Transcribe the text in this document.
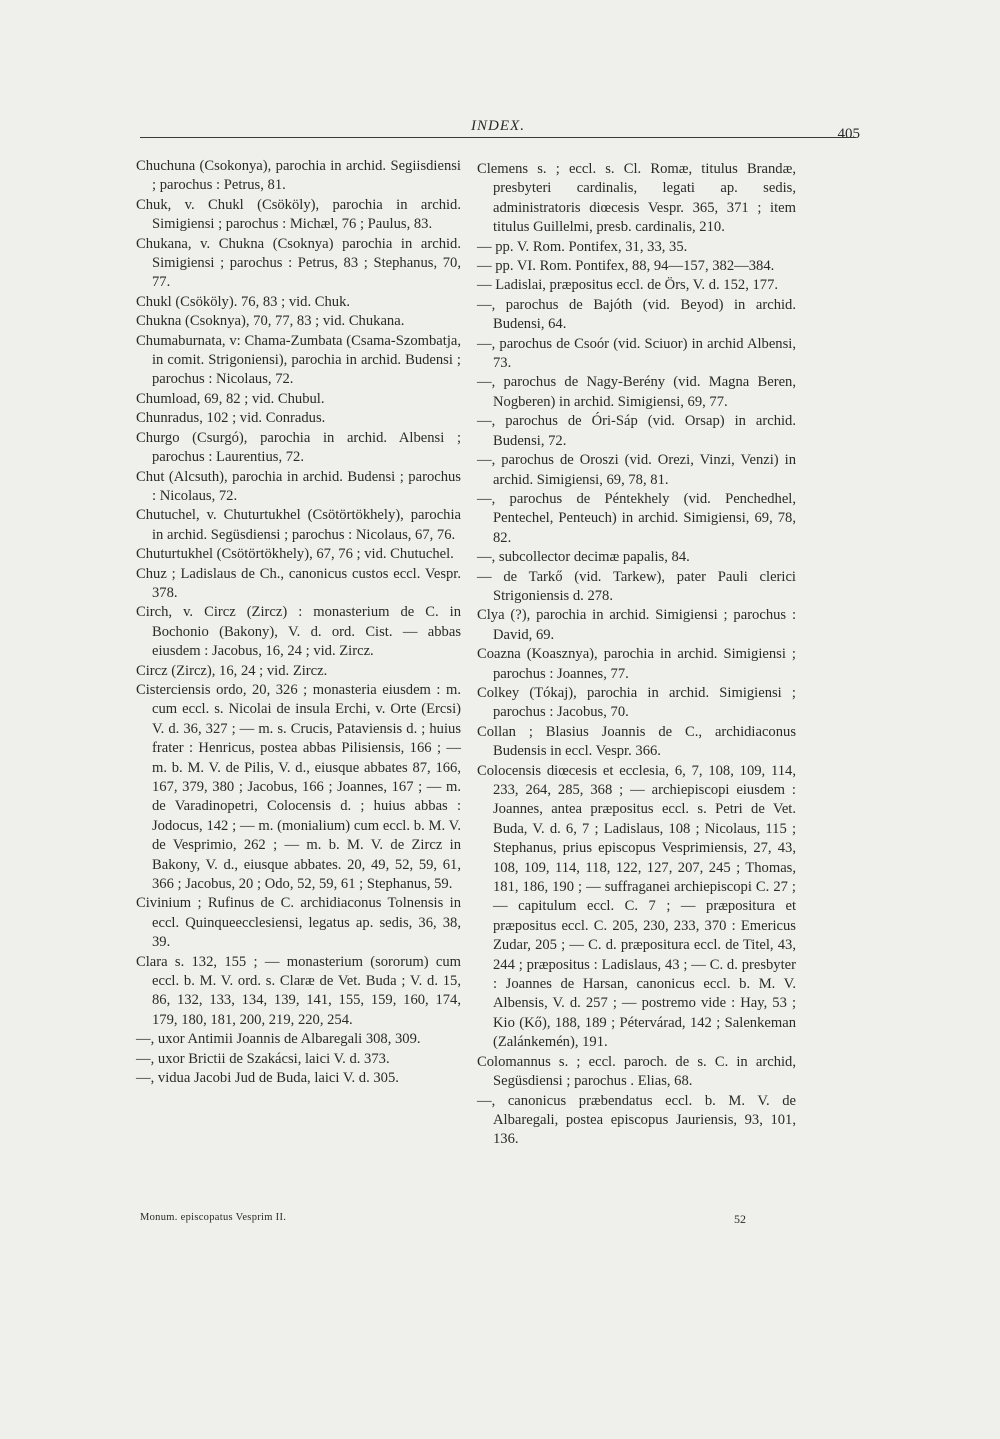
INDEX.	405

Chuchuna (Csokonya), parochia in archid. Segiisdiensi ; parochus : Petrus, 81.

Chuk, v. Chukl (Csököly), parochia in archid. Simigiensi ; parochus : Michæl, 76 ; Paulus, 83.

Chukana, v. Chukna (Csoknya) parochia in archid. Simigiensi ; parochus : Petrus, 83 ; Stephanus, 70, 77.

Chukl (Csököly). 76, 83 ; vid. Chuk.

Chukna (Csoknya), 70, 77, 83 ; vid. Chukana.

Chumaburnata, v: Chama-Zumbata (Csama-Szombatja, in comit. Strigoniensi), parochia in archid. Budensi ; parochus : Nicolaus, 72.

Chumload, 69, 82 ; vid. Chubul.

Chunradus, 102 ; vid. Conradus.

Churgo (Csurgó), parochia in archid. Albensi ; parochus : Laurentius, 72.

Chut (Alcsuth), parochia in archid. Budensi ; parochus : Nicolaus, 72.

Chutuchel, v. Chuturtukhel (Csötörtökhely), parochia in archid. Següsdiensi ; parochus : Nicolaus, 67, 76.

Chuturtukhel (Csötörtökhely), 67, 76 ; vid. Chutuchel.

Chuz ; Ladislaus de Ch., canonicus custos eccl. Vespr. 378.

Circh, v. Circz (Zircz) : monasterium de C. in Bochonio (Bakony), V. d. ord. Cist. — abbas eiusdem : Jacobus, 16, 24 ; vid. Zircz.

Circz (Zircz), 16, 24 ; vid. Zircz.

Cisterciensis ordo, 20, 326 ; monasteria eiusdem : m. cum eccl. s. Nicolai de insula Erchi, v. Orte (Ercsi) V. d. 36, 327 ; — m. s. Crucis, Pataviensis d. ; huius frater : Henricus, postea abbas Pilisiensis, 166 ; — m. b. M. V. de Pilis, V. d., eiusque abbates 87, 166, 167, 379, 380 ; Jacobus, 166 ; Joannes, 167 ; — m. de Varadinopetri, Colocensis d. ; huius abbas : Jodocus, 142 ; — m. (monialium) cum eccl. b. M. V. de Vesprimio, 262 ; — m. b. M. V. de Zircz in Bakony, V. d., eiusque abbates. 20, 49, 52, 59, 61, 366 ; Jacobus, 20 ; Odo, 52, 59, 61 ; Stephanus, 59.

Civinium ; Rufinus de C. archidiaconus Tolnensis in eccl. Quinqueecclesiensi, legatus ap. sedis, 36, 38, 39.

Clara s. 132, 155 ; — monasterium (sororum) cum eccl. b. M. V. ord. s. Claræ de Vet. Buda ; V. d. 15, 86, 132, 133, 134, 139, 141, 155, 159, 160, 174, 179, 180, 181, 200, 219, 220, 254.

—, uxor Antimii Joannis de Albaregali 308, 309.

—, uxor Brictii de Szakácsi, laici V. d. 373.

—, vidua Jacobi Jud de Buda, laici V. d. 305.

Clemens s. ; eccl. s. Cl. Romæ, titulus Brandæ, presbyteri cardinalis, legati ap. sedis, administratoris diœcesis Vespr. 365, 371 ; item titulus Guillelmi, presb. cardinalis, 210.

— pp. V. Rom. Pontifex, 31, 33, 35.

— pp. VI. Rom. Pontifex, 88, 94—157, 382—384.

— Ladislai, præpositus eccl. de Örs, V. d. 152, 177.

—, parochus de Bajóth (vid. Beyod) in archid. Budensi, 64.

—, parochus de Csoór (vid. Sciuor) in archid Albensi, 73.

—, parochus de Nagy-Berény (vid. Magna Beren, Nogberen) in archid. Simigiensi, 69, 77.

—, parochus de Óri-Sáp (vid. Orsap) in archid. Budensi, 72.

—, parochus de Oroszi (vid. Orezi, Vinzi, Venzi) in archid. Simigiensi, 69, 78, 81.

—, parochus de Péntekhely (vid. Penchedhel, Pentechel, Penteuch) in archid. Simigiensi, 69, 78, 82.

—, subcollector decimæ papalis, 84.

— de Tarkő (vid. Tarkew), pater Pauli clerici Strigoniensis d. 278.

Clya (?), parochia in archid. Simigiensi ; parochus : David, 69.

Coazna (Koasznya), parochia in archid. Simigiensi ; parochus : Joannes, 77.

Colkey (Tókaj), parochia in archid. Simigiensi ; parochus : Jacobus, 70.

Collan ; Blasius Joannis de C., archidiaconus Budensis in eccl. Vespr. 366.

Colocensis diœcesis et ecclesia, 6, 7, 108, 109, 114, 233, 264, 285, 368 ; — archiepiscopi eiusdem : Joannes, antea præpositus eccl. s. Petri de Vet. Buda, V. d. 6, 7 ; Ladislaus, 108 ; Nicolaus, 115 ; Stephanus, prius episcopus Vesprimiensis, 27, 43, 108, 109, 114, 118, 122, 127, 207, 245 ; Thomas, 181, 186, 190 ; — suffraganei archiepiscopi C. 27 ; — capitulum eccl. C. 7 ; — præpositura et præpositus eccl. C. 205, 230, 233, 370 : Emericus Zudar, 205 ; — C. d. præpositura eccl. de Titel, 43, 244 ; præpositus : Ladislaus, 43 ; — C. d. presbyter : Joannes de Harsan, canonicus eccl. b. M. V. Albensis, V. d. 257 ; — postremo vide : Hay, 53 ; Kio (Kő), 188, 189 ; Pétervárad, 142 ; Salenkeman (Zalánkemén), 191.

Colomannus s. ; eccl. paroch. de s. C. in archid, Següsdiensi ; parochus . Elias, 68.

—, canonicus præbendatus eccl. b. M. V. de Albaregali, postea episcopus Jauriensis, 93, 101, 136.

Monum. episcopatus Vesprim II.	52
